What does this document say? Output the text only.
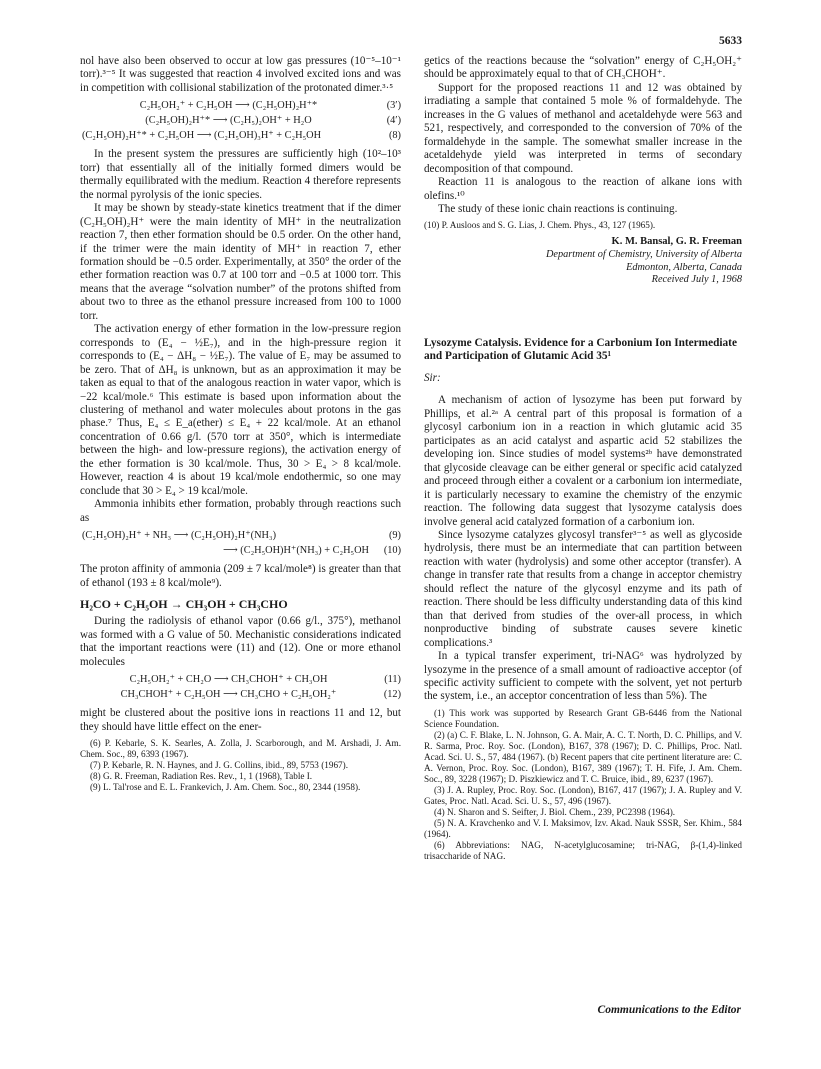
5633

nol have also been observed to occur at low gas pressures (10⁻⁵–10⁻¹ torr).³⁻⁵ It was suggested that reaction 4 involved excited ions and was in competition with collisional stabilization of the protonated dimer.³·⁵

C₂H₅OH₂⁺ + C₂H₅OH ⟶ (C₂H₅OH)₂H⁺*	(3′)
(C₂H₅OH)₂H⁺* ⟶ (C₂H₅)₂OH⁺ + H₂O	(4′)
(C₂H₅OH)₂H⁺* + C₂H₅OH ⟶ (C₂H₅OH)₃H⁺ + C₂H₅OH	(8)

In the present system the pressures are sufficiently high (10²–10³ torr) that essentially all of the initially formed dimers would be thermally equilibrated with the medium. Reaction 4 therefore represents the normal pyrolysis of the ionic species.

It may be shown by steady-state kinetics treatment that if the dimer (C₂H₅OH)₂H⁺ were the main identity of MH⁺ in the neutralization reaction 7, then ether formation should be 0.5 order. On the other hand, if the trimer were the main identity of MH⁺ in reaction 7, ether formation should be −0.5 order. Experimentally, at 350° the order of the ether formation reaction was 0.7 at 100 torr and −0.5 at 1000 torr. This means that the average “solvation number” of the protons shifted from about two to three as the ethanol pressure increased from 100 to 1000 torr.

The activation energy of ether formation in the low-pressure region corresponds to (E₄ − ½E₇), and in the high-pressure region it corresponds to (E₄ − ΔH₈ − ½E₇). The value of E₇ may be assumed to be zero. That of ΔH₈ is unknown, but as an approximation it may be taken as equal to that of the analogous reaction in water vapor, which is −22 kcal/mole.⁶ This estimate is based upon information about the clustering of methanol and water molecules about protons in the gas phase.⁷ Thus, E₄ ≤ E_a(ether) ≤ E₄ + 22 kcal/mole. At an ethanol concentration of 0.66 g/l. (570 torr at 350°, which is intermediate between the high- and low-pressure regions), the activation energy of the ether formation is 30 kcal/mole. Thus, 30 > E₄ > 8 kcal/mole. However, reaction 4 is about 19 kcal/mole endothermic, so one may conclude that 30 > E₄ > 19 kcal/mole.

Ammonia inhibits ether formation, probably through reactions such as

(C₂H₅OH)₂H⁺ + NH₃ ⟶ (C₂H₅OH)₂H⁺(NH₃)	(9)
⟶ (C₂H₅OH)H⁺(NH₃) + C₂H₅OH	(10)

The proton affinity of ammonia (209 ± 7 kcal/mole⁸) is greater than that of ethanol (193 ± 8 kcal/mole⁹).

H₂CO + C₂H₅OH → CH₃OH + CH₃CHO

During the radiolysis of ethanol vapor (0.66 g/l., 375°), methanol was formed with a G value of 50. Mechanistic considerations indicated that the important reactions were (11) and (12). One or more ethanol molecules

C₂H₅OH₂⁺ + CH₂O ⟶ CH₃CHOH⁺ + CH₃OH	(11)
CH₃CHOH⁺ + C₂H₅OH ⟶ CH₃CHO + C₂H₅OH₂⁺	(12)

might be clustered about the positive ions in reactions 11 and 12, but they should have little effect on the ener-

(6) P. Kebarle, S. K. Searles, A. Zolla, J. Scarborough, and M. Arshadi, J. Am. Chem. Soc., 89, 6393 (1967).

(7) P. Kebarle, R. N. Haynes, and J. G. Collins, ibid., 89, 5753 (1967).

(8) G. R. Freeman, Radiation Res. Rev., 1, 1 (1968), Table I.

(9) L. Tal'rose and E. L. Frankevich, J. Am. Chem. Soc., 80, 2344 (1958).

getics of the reactions because the “solvation” energy of C₂H₅OH₂⁺ should be approximately equal to that of CH₃CHOH⁺.

Support for the proposed reactions 11 and 12 was obtained by irradiating a sample that contained 5 mole % of formaldehyde. The increases in the G values of methanol and acetaldehyde were 563 and 521, respectively, and corresponded to the conversion of 70% of the formaldehyde in the sample. The somewhat smaller increase in the acetaldehyde yield was interpreted in terms of secondary decomposition of that compound.

Reaction 11 is analogous to the reaction of alkane ions with olefins.¹⁰

The study of these ionic chain reactions is continuing.

(10) P. Ausloos and S. G. Lias, J. Chem. Phys., 43, 127 (1965).

K. M. Bansal, G. R. Freeman
Department of Chemistry, University of Alberta
Edmonton, Alberta, Canada
Received July 1, 1968
Lysozyme Catalysis. Evidence for a Carbonium Ion Intermediate and Participation of Glutamic Acid 35¹
Sir:

A mechanism of action of lysozyme has been put forward by Phillips, et al.²ᵃ A central part of this proposal is formation of a glycosyl carbonium ion in a reaction in which glutamic acid 35 participates as an acid catalyst and aspartic acid 52 stabilizes the developing ion. Since studies of model systems²ᵇ have demonstrated that glycoside cleavage can be either general or specific acid catalyzed and proceed through either a covalent or a carbonium ion intermediate, it is particularly necessary to examine the chemistry of the enzymic reaction. The following data suggest that lysozyme catalysis does involve general acid catalyzed formation of a carbonium ion.

Since lysozyme catalyzes glycosyl transfer³⁻⁵ as well as glycoside hydrolysis, there must be an intermediate that can partition between reaction with water (hydrolysis) and some other acceptor (transfer). A change in transfer rate that results from a change in acceptor chemistry should reflect the nature of the glycosyl enzyme and its path of reaction. There should be less difficulty understanding data of this kind than that derived from studies of the over-all process, in which nonproductive binding of substrate causes severe kinetic complications.³

In a typical transfer experiment, tri-NAG⁶ was hydrolyzed by lysozyme in the presence of a small amount of radioactive acceptor (of specific activity sufficient to compete with the solvent, yet not perturb the system, i.e., an acceptor concentration of less than 5%). The

(1) This work was supported by Research Grant GB-6446 from the National Science Foundation.

(2) (a) C. F. Blake, L. N. Johnson, G. A. Mair, A. C. T. North, D. C. Phillips, and V. R. Sarma, Proc. Roy. Soc. (London), B167, 378 (1967); D. C. Phillips, Proc. Natl. Acad. Sci. U. S., 57, 484 (1967). (b) Recent papers that cite pertinent literature are: C. A. Vernon, Proc. Roy. Soc. (London), B167, 389 (1967); T. H. Fife, J. Am. Chem. Soc., 89, 3228 (1967); D. Piszkiewicz and T. C. Bruice, ibid., 89, 6237 (1967).

(3) J. A. Rupley, Proc. Roy. Soc. (London), B167, 417 (1967); J. A. Rupley and V. Gates, Proc. Natl. Acad. Sci. U. S., 57, 496 (1967).

(4) N. Sharon and S. Seifter, J. Biol. Chem., 239, PC2398 (1964).

(5) N. A. Kravchenko and V. I. Maksimov, Izv. Akad. Nauk SSSR, Ser. Khim., 584 (1964).

(6) Abbreviations: NAG, N-acetylglucosamine; tri-NAG, β-(1,4)-linked trisaccharide of NAG.

Communications to the Editor
